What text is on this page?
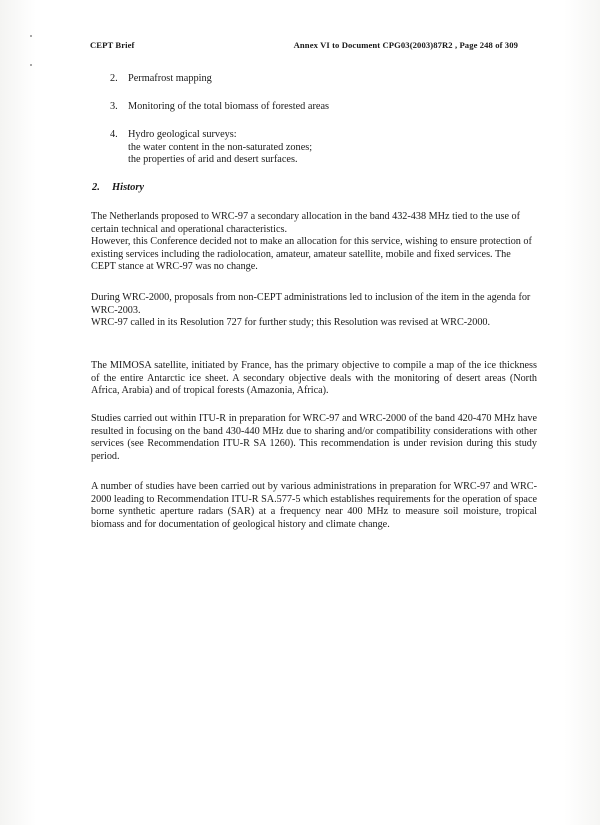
CEPT Brief	Annex VI to Document CPG03(2003)87R2 , Page 248 of 309
2. Permafrost mapping
3. Monitoring of the total biomass of forested areas
4. Hydro geological surveys:
the water content in the non-saturated zones;
the properties of arid and desert surfaces.
2. History

The Netherlands proposed to WRC-97 a secondary allocation in the band 432-438 MHz tied to the use of certain technical and operational characteristics.

However, this Conference decided not to make an allocation for this service, wishing to ensure protection of existing services including the radiolocation, amateur, amateur satellite, mobile and fixed services. The CEPT stance at WRC-97 was no change.

During WRC-2000, proposals from non-CEPT administrations led to inclusion of the item in the agenda for WRC-2003.

WRC-97 called in its Resolution 727 for further study; this Resolution was revised at WRC-2000.

The MIMOSA satellite, initiated by France, has the primary objective to compile a map of the ice thickness of the entire Antarctic ice sheet. A secondary objective deals with the monitoring of desert areas (North Africa, Arabia) and of tropical forests (Amazonia, Africa).

Studies carried out within ITU-R in preparation for WRC-97 and WRC-2000 of the band 420-470 MHz have resulted in focusing on the band 430-440 MHz due to sharing and/or compatibility considerations with other services (see Recommendation ITU-R SA 1260). This recommendation is under revision during this study period.

A number of studies have been carried out by various administrations in preparation for WRC-97 and WRC-2000 leading to Recommendation ITU-R SA.577-5 which establishes requirements for the operation of space borne synthetic aperture radars (SAR) at a frequency near 400 MHz to measure soil moisture, tropical biomass and for documentation of geological history and climate change.
